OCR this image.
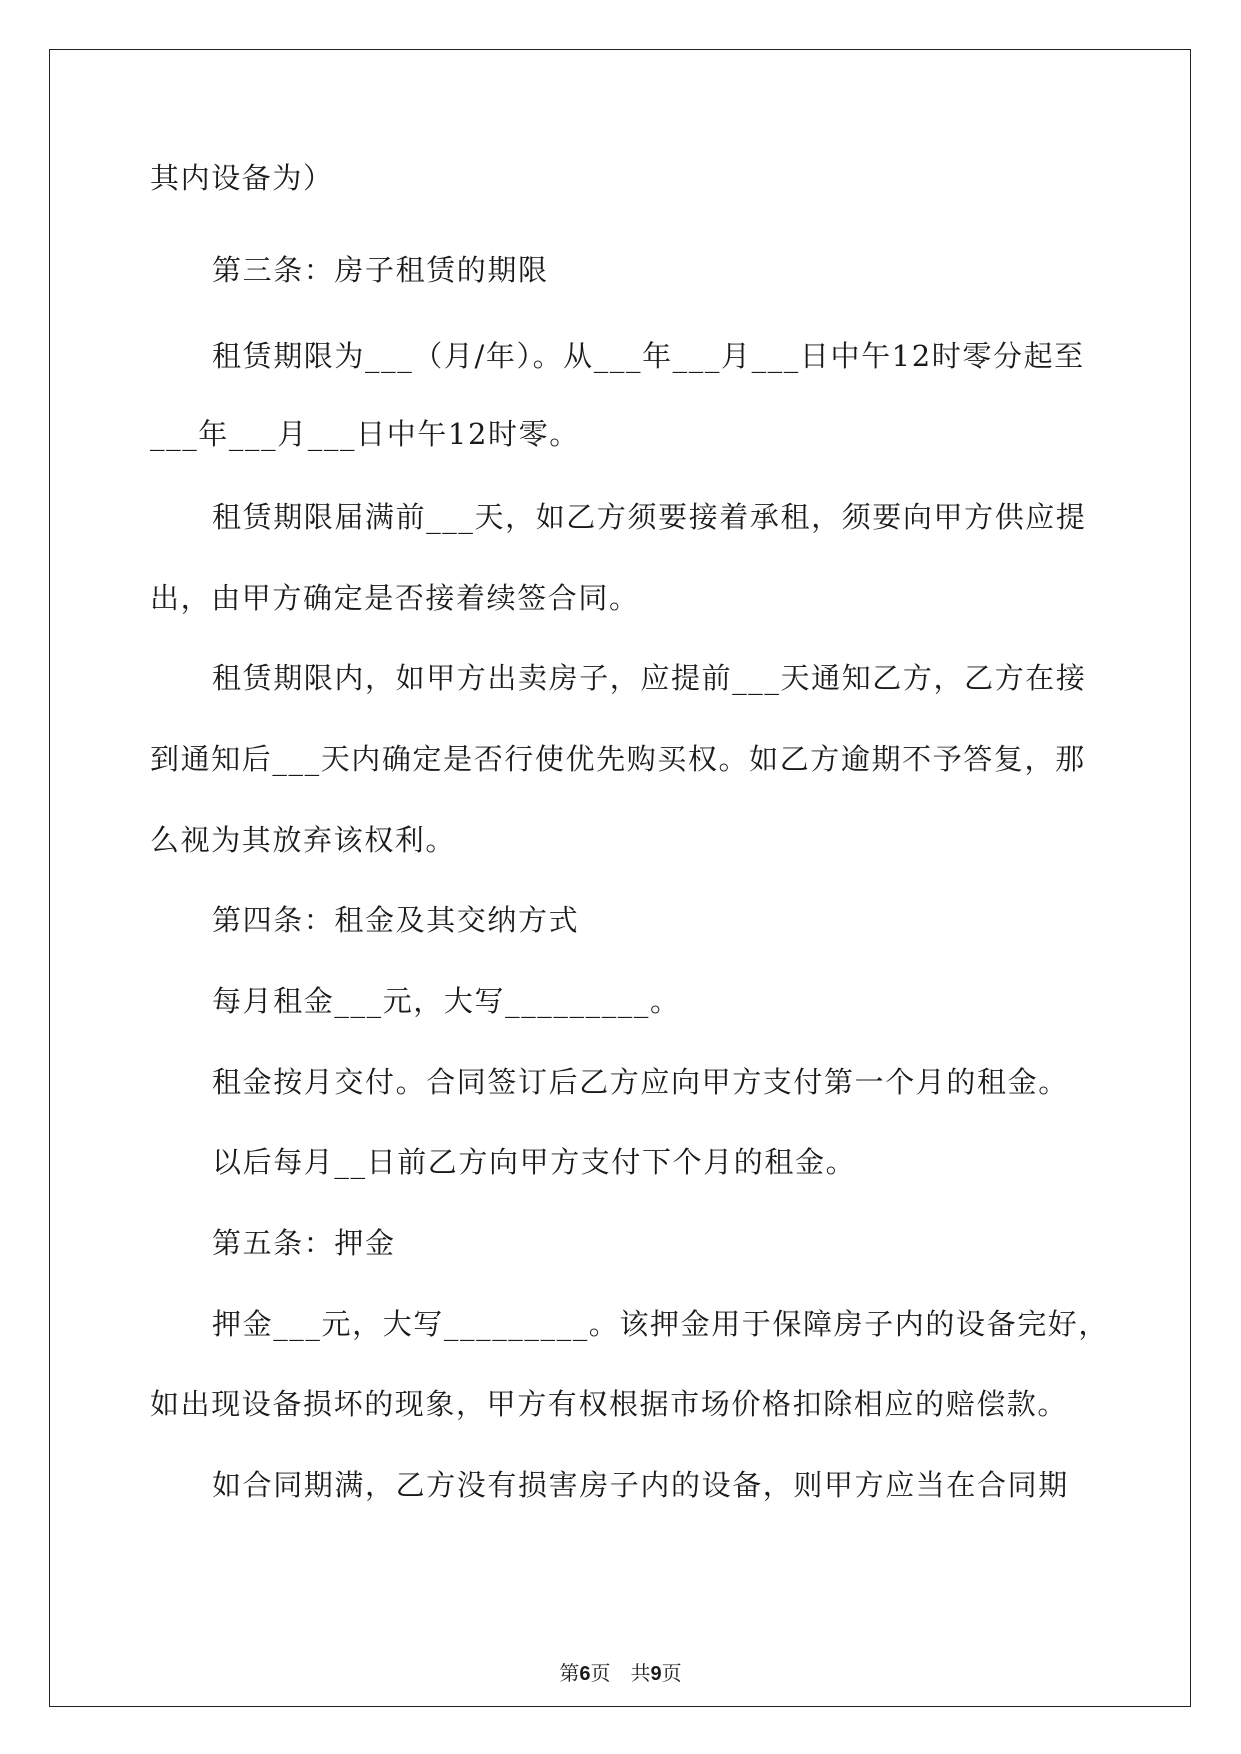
其内设备为）
第三条：房子租赁的期限
租赁期限为___（月/年）。从___年___月___日中午12时零分起至
___年___月___日中午12时零。
租赁期限届满前___天，如乙方须要接着承租，须要向甲方供应提
出，由甲方确定是否接着续签合同。
租赁期限内，如甲方出卖房子，应提前___天通知乙方，乙方在接
到通知后___天内确定是否行使优先购买权。如乙方逾期不予答复，那
么视为其放弃该权利。
第四条：租金及其交纳方式
每月租金___元，大写_________。
租金按月交付。合同签订后乙方应向甲方支付第一个月的租金。
以后每月__日前乙方向甲方支付下个月的租金。
第五条：押金
押金___元，大写_________。该押金用于保障房子内的设备完好，
如出现设备损坏的现象，甲方有权根据市场价格扣除相应的赔偿款。
如合同期满，乙方没有损害房子内的设备，则甲方应当在合同期
第6页　共9页
